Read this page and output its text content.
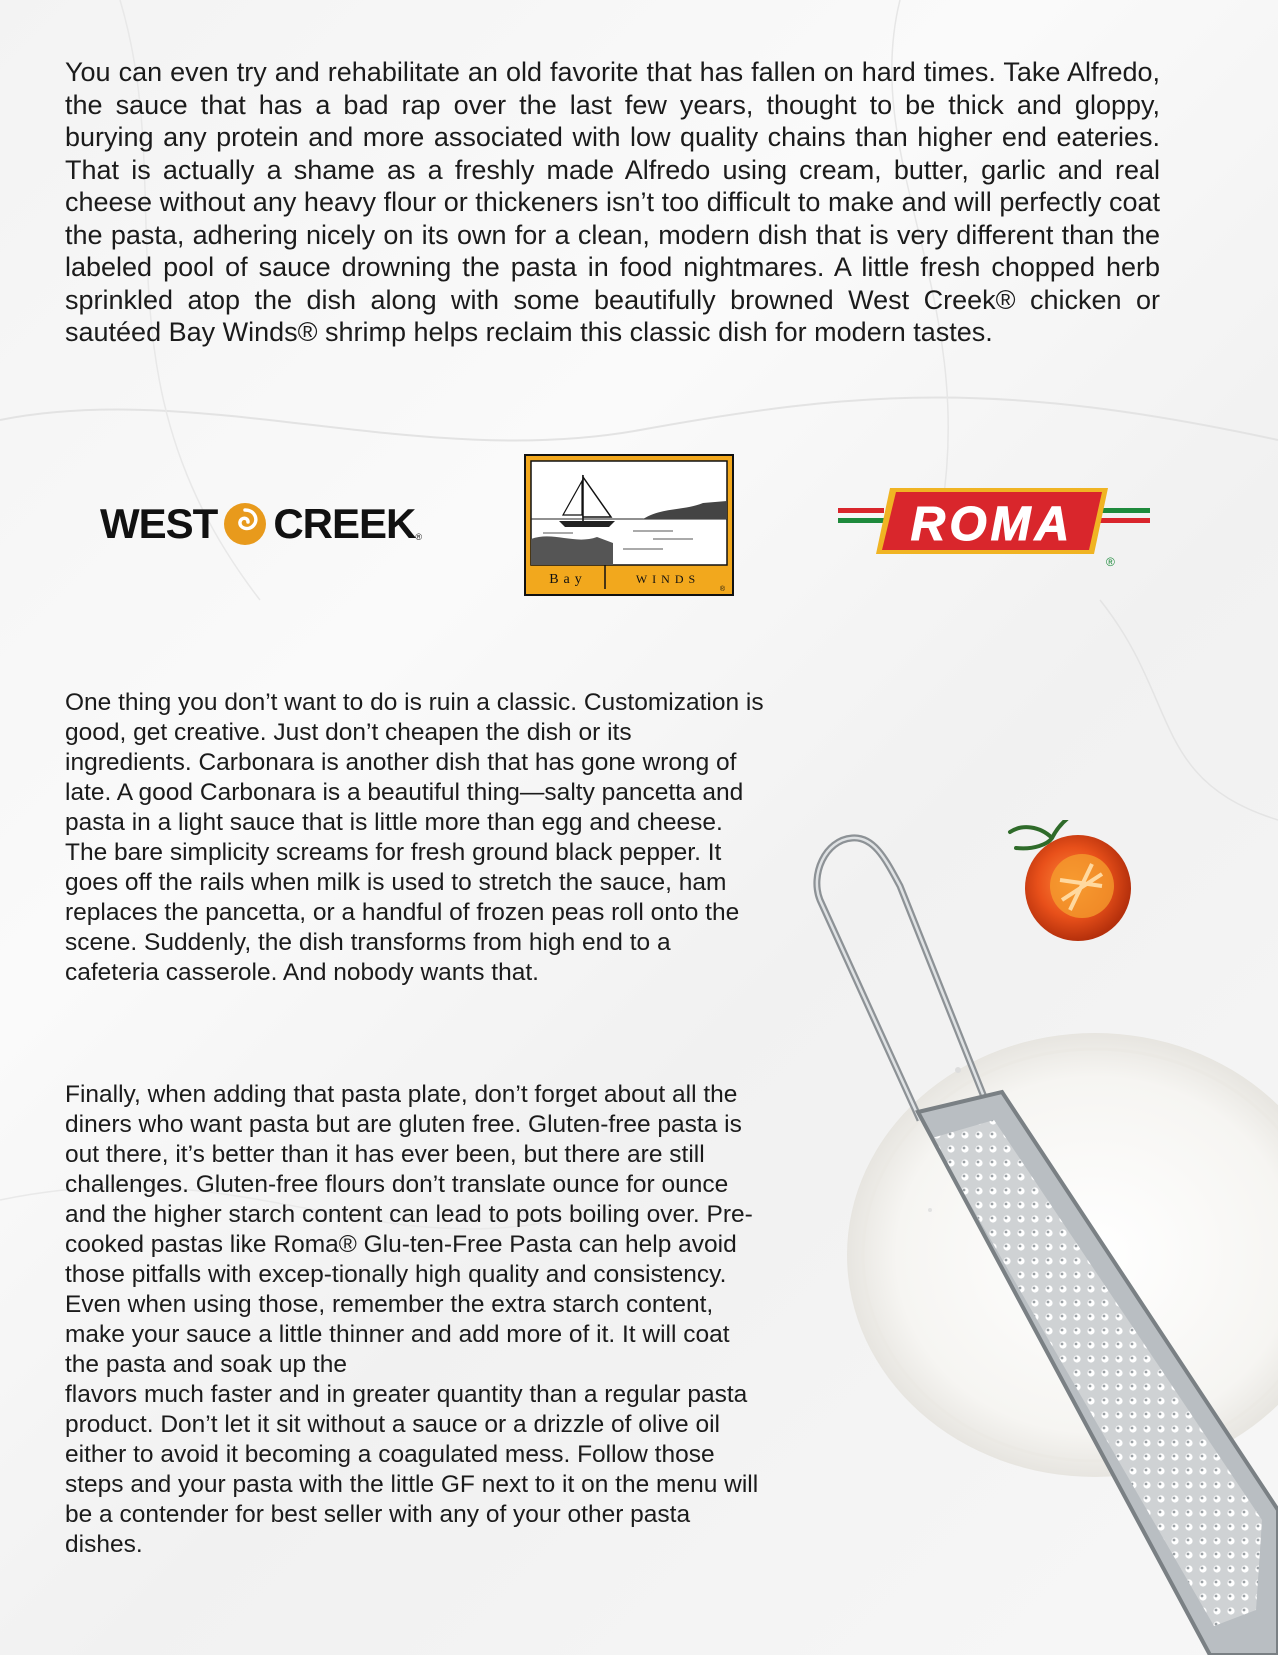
You can even try and rehabilitate an old favorite that has fallen on hard times. Take Alfredo, the sauce that has a bad rap over the last few years, thought to be thick and gloppy, burying any protein and more associated with low quality chains than higher end eateries. That is actually a shame as a freshly made Alfredo using cream, butter, garlic and real cheese without any heavy flour or thickeners isn’t too difficult to make and will perfectly coat the pasta, adhering nicely on its own for a clean, modern dish that is very different than the labeled pool of sauce drowning the pasta in food nightmares. A little fresh chopped herb sprinkled atop the dish along with some beautifully browned West Creek® chicken or sautéed Bay Winds® shrimp helps reclaim this classic dish for modern tastes.

WEST CREEK ®
Bay	WINDS
®
ROMA
®

One thing you don’t want to do is ruin a classic. Customization is good, get creative. Just don’t cheapen the dish or its ingredients. Carbonara is another dish that has gone wrong of late. A good Carbonara is a beautiful thing—salty pancetta and pasta in a light sauce that is little more than egg and cheese. The bare simplicity screams for fresh ground black pepper. It goes off the rails when milk is used to stretch the sauce, ham replaces the pancetta, or a handful of frozen peas roll onto the scene. Suddenly, the dish transforms from high end to a cafeteria casserole. And nobody wants that.

Finally, when adding that pasta plate, don’t forget about all the diners who want pasta but are gluten free. Gluten-free pasta is out there, it’s better than it has ever been, but there are still challenges. Gluten-free flours don’t translate ounce for ounce and the higher starch content can lead to pots boiling over. Pre-cooked pastas like Roma® Glu-ten-Free Pasta can help avoid those pitfalls with excep-tionally high quality and consistency. Even when using those, remember the extra starch content, make your sauce a little thinner and add more of it. It will coat the pasta and soak up the
flavors much faster and in greater quantity than a regular pasta product. Don’t let it sit without a sauce or a drizzle of olive oil either to avoid it becoming a coagulated mess. Follow those steps and your pasta with the little GF next to it on the menu will be a contender for best seller with any of your other pasta dishes.
